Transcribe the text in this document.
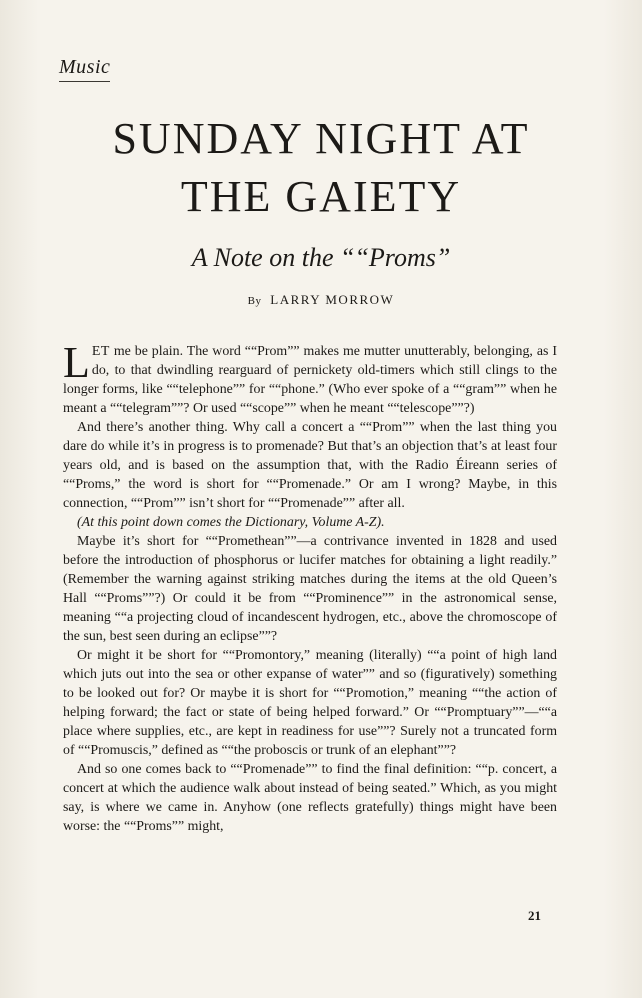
Music
SUNDAY NIGHT AT
THE GAIETY
A Note on the ““Proms”
By LARRY MORROW

LET me be plain. The word ““Prom”” makes me mutter unutterably, belonging, as I do, to that dwindling rearguard of pernickety old-timers which still clings to the longer forms, like ““telephone”” for ““phone.” (Who ever spoke of a ““gram”” when he meant a ““telegram””? Or used ““scope”” when he meant ““telescope””?)

And there’s another thing. Why call a concert a ““Prom”” when the last thing you dare do while it’s in progress is to promenade? But that’s an objection that’s at least four years old, and is based on the assumption that, with the Radio Éireann series of ““Proms,” the word is short for ““Promenade.” Or am I wrong? Maybe, in this connection, ““Prom”” isn’t short for ““Promenade”” after all.

(At this point down comes the Dictionary, Volume A-Z).

Maybe it’s short for ““Promethean””—a contrivance invented in 1828 and used before the introduction of phosphorus or lucifer matches for obtaining a light readily.” (Remember the warning against striking matches during the items at the old Queen’s Hall ““Proms””?) Or could it be from ““Prominence”” in the astronomical sense, meaning ““a projecting cloud of incandescent hydrogen, etc., above the chromoscope of the sun, best seen during an eclipse””?

Or might it be short for ““Promontory,” meaning (literally) ““a point of high land which juts out into the sea or other expanse of water”” and so (figuratively) something to be looked out for? Or maybe it is short for ““Promotion,” meaning ““the action of helping forward; the fact or state of being helped forward.” Or ““Promptuary””—““a place where supplies, etc., are kept in readiness for use””? Surely not a truncated form of ““Promuscis,” defined as ““the proboscis or trunk of an elephant””?

And so one comes back to ““Promenade”” to find the final definition: ““p. concert, a concert at which the audience walk about instead of being seated.” Which, as you might say, is where we came in. Anyhow (one reflects gratefully) things might have been worse: the ““Proms”” might,

21
